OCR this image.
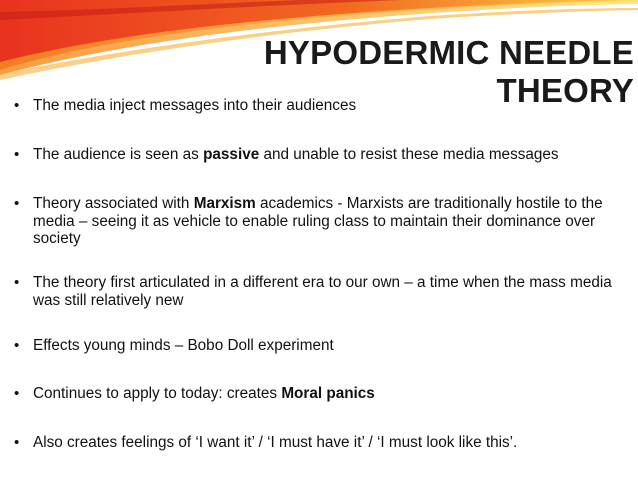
HYPODERMIC NEEDLE
THEORY
• The media inject messages into their audiences
• The audience is seen as passive and unable to resist these media messages
• Theory associated with Marxism academics - Marxists are traditionally hostile to the media – seeing it as vehicle to enable ruling class to maintain their dominance over society
• The theory first articulated in a different era to our own – a time when the mass media was still relatively new
• Effects young minds – Bobo Doll experiment
• Continues to apply to today: creates Moral panics
• Also creates feelings of ‘I want it’ / ‘I must have it’ / ‘I must look like this’.
